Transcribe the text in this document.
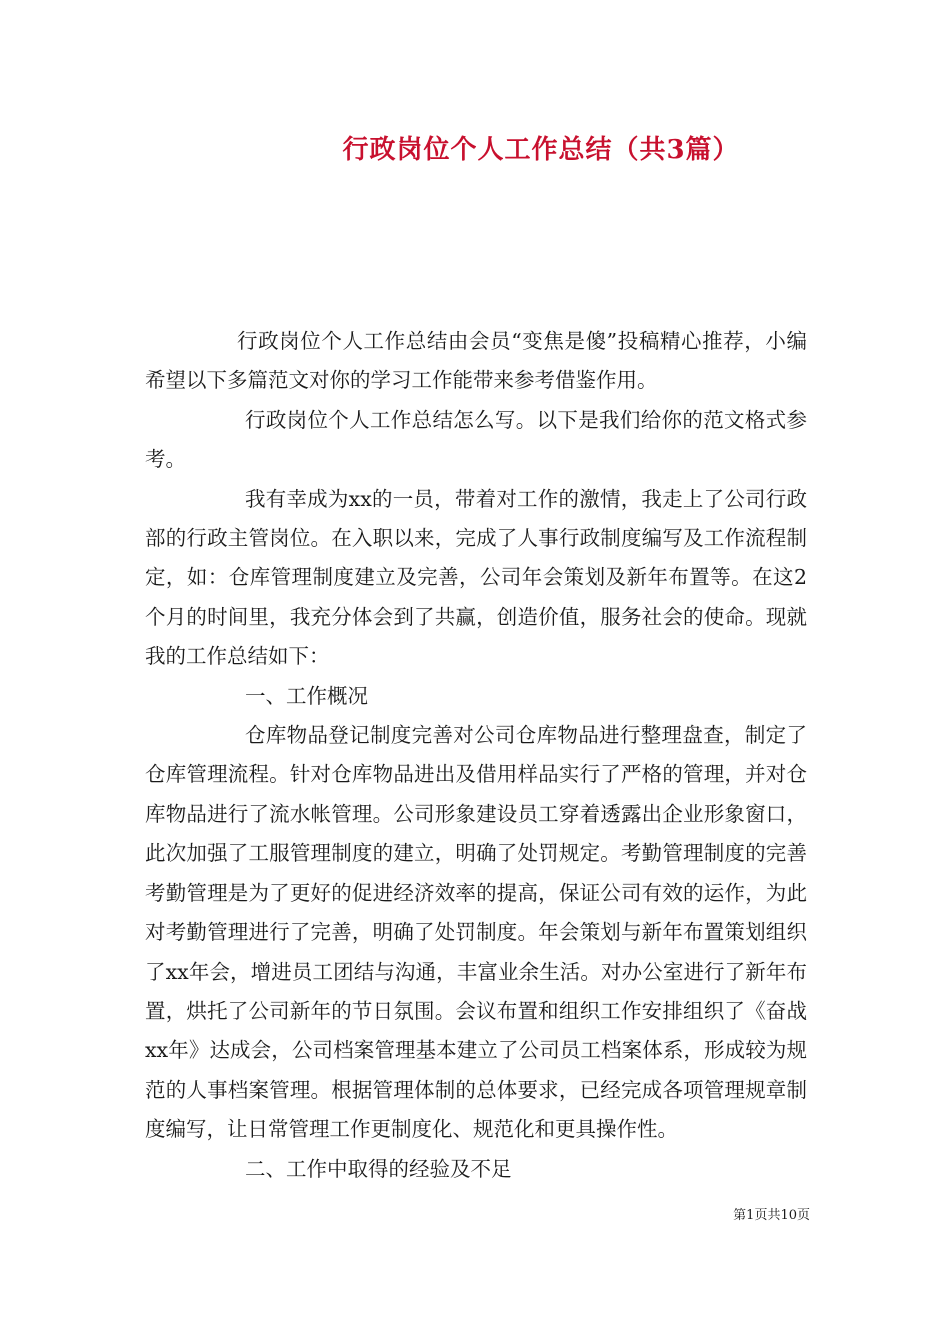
行政岗位个人工作总结（共3篇）

行政岗位个人工作总结由会员“变焦是傻”投稿精心推荐，小编希望以下多篇范文对你的学习工作能带来参考借鉴作用。

行政岗位个人工作总结怎么写。以下是我们给你的范文格式参考。

我有幸成为xx的一员，带着对工作的激情，我走上了公司行政部的行政主管岗位。在入职以来，完成了人事行政制度编写及工作流程制定，如：仓库管理制度建立及完善，公司年会策划及新年布置等。在这2个月的时间里，我充分体会到了共赢，创造价值，服务社会的使命。现就我的工作总结如下：

一、工作概况

仓库物品登记制度完善对公司仓库物品进行整理盘查，制定了仓库管理流程。针对仓库物品进出及借用样品实行了严格的管理，并对仓库物品进行了流水帐管理。公司形象建设员工穿着透露出企业形象窗口，此次加强了工服管理制度的建立，明确了处罚规定。考勤管理制度的完善考勤管理是为了更好的促进经济效率的提高，保证公司有效的运作，为此对考勤管理进行了完善，明确了处罚制度。年会策划与新年布置策划组织了xx年会，增进员工团结与沟通，丰富业余生活。对办公室进行了新年布置，烘托了公司新年的节日氛围。会议布置和组织工作安排组织了《奋战xx年》达成会，公司档案管理基本建立了公司员工档案体系，形成较为规范的人事档案管理。根据管理体制的总体要求，已经完成各项管理规章制度编写，让日常管理工作更制度化、规范化和更具操作性。

二、工作中取得的经验及不足

第1页共10页
